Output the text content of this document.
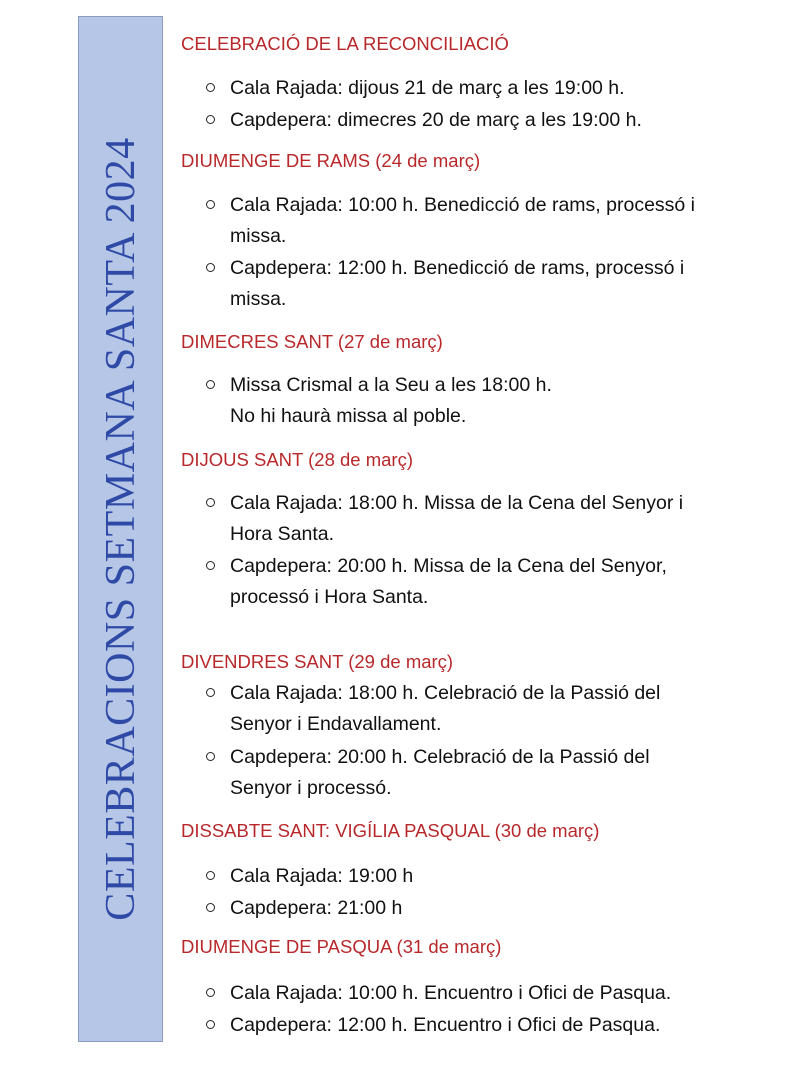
CELEBRACIONS SETMANA SANTA 2024
CELEBRACIÓ DE LA RECONCILIACIÓ
Cala Rajada: dijous 21 de març a les 19:00 h.
Capdepera: dimecres 20 de març a les 19:00 h.
DIUMENGE DE RAMS (24 de març)
Cala Rajada: 10:00 h. Benedicció de rams, processó i
missa.
Capdepera: 12:00 h. Benedicció de rams, processó i
missa.
DIMECRES SANT (27 de març)
Missa Crismal a la Seu a les 18:00 h.
No hi haurà missa al poble.
DIJOUS SANT (28 de març)
Cala Rajada: 18:00 h. Missa de la Cena del Senyor i
Hora Santa.
Capdepera: 20:00 h. Missa de la Cena del Senyor,
processó i Hora Santa.
DIVENDRES SANT (29 de març)
Cala Rajada: 18:00 h. Celebració de la Passió del
Senyor i Endavallament.
Capdepera: 20:00 h. Celebració de la Passió del
Senyor i processó.
DISSABTE SANT: VIGÍLIA PASQUAL (30 de març)
Cala Rajada: 19:00 h
Capdepera: 21:00 h
DIUMENGE DE PASQUA (31 de març)
Cala Rajada: 10:00 h. Encuentro i Ofici de Pasqua.
Capdepera: 12:00 h. Encuentro i Ofici de Pasqua.
